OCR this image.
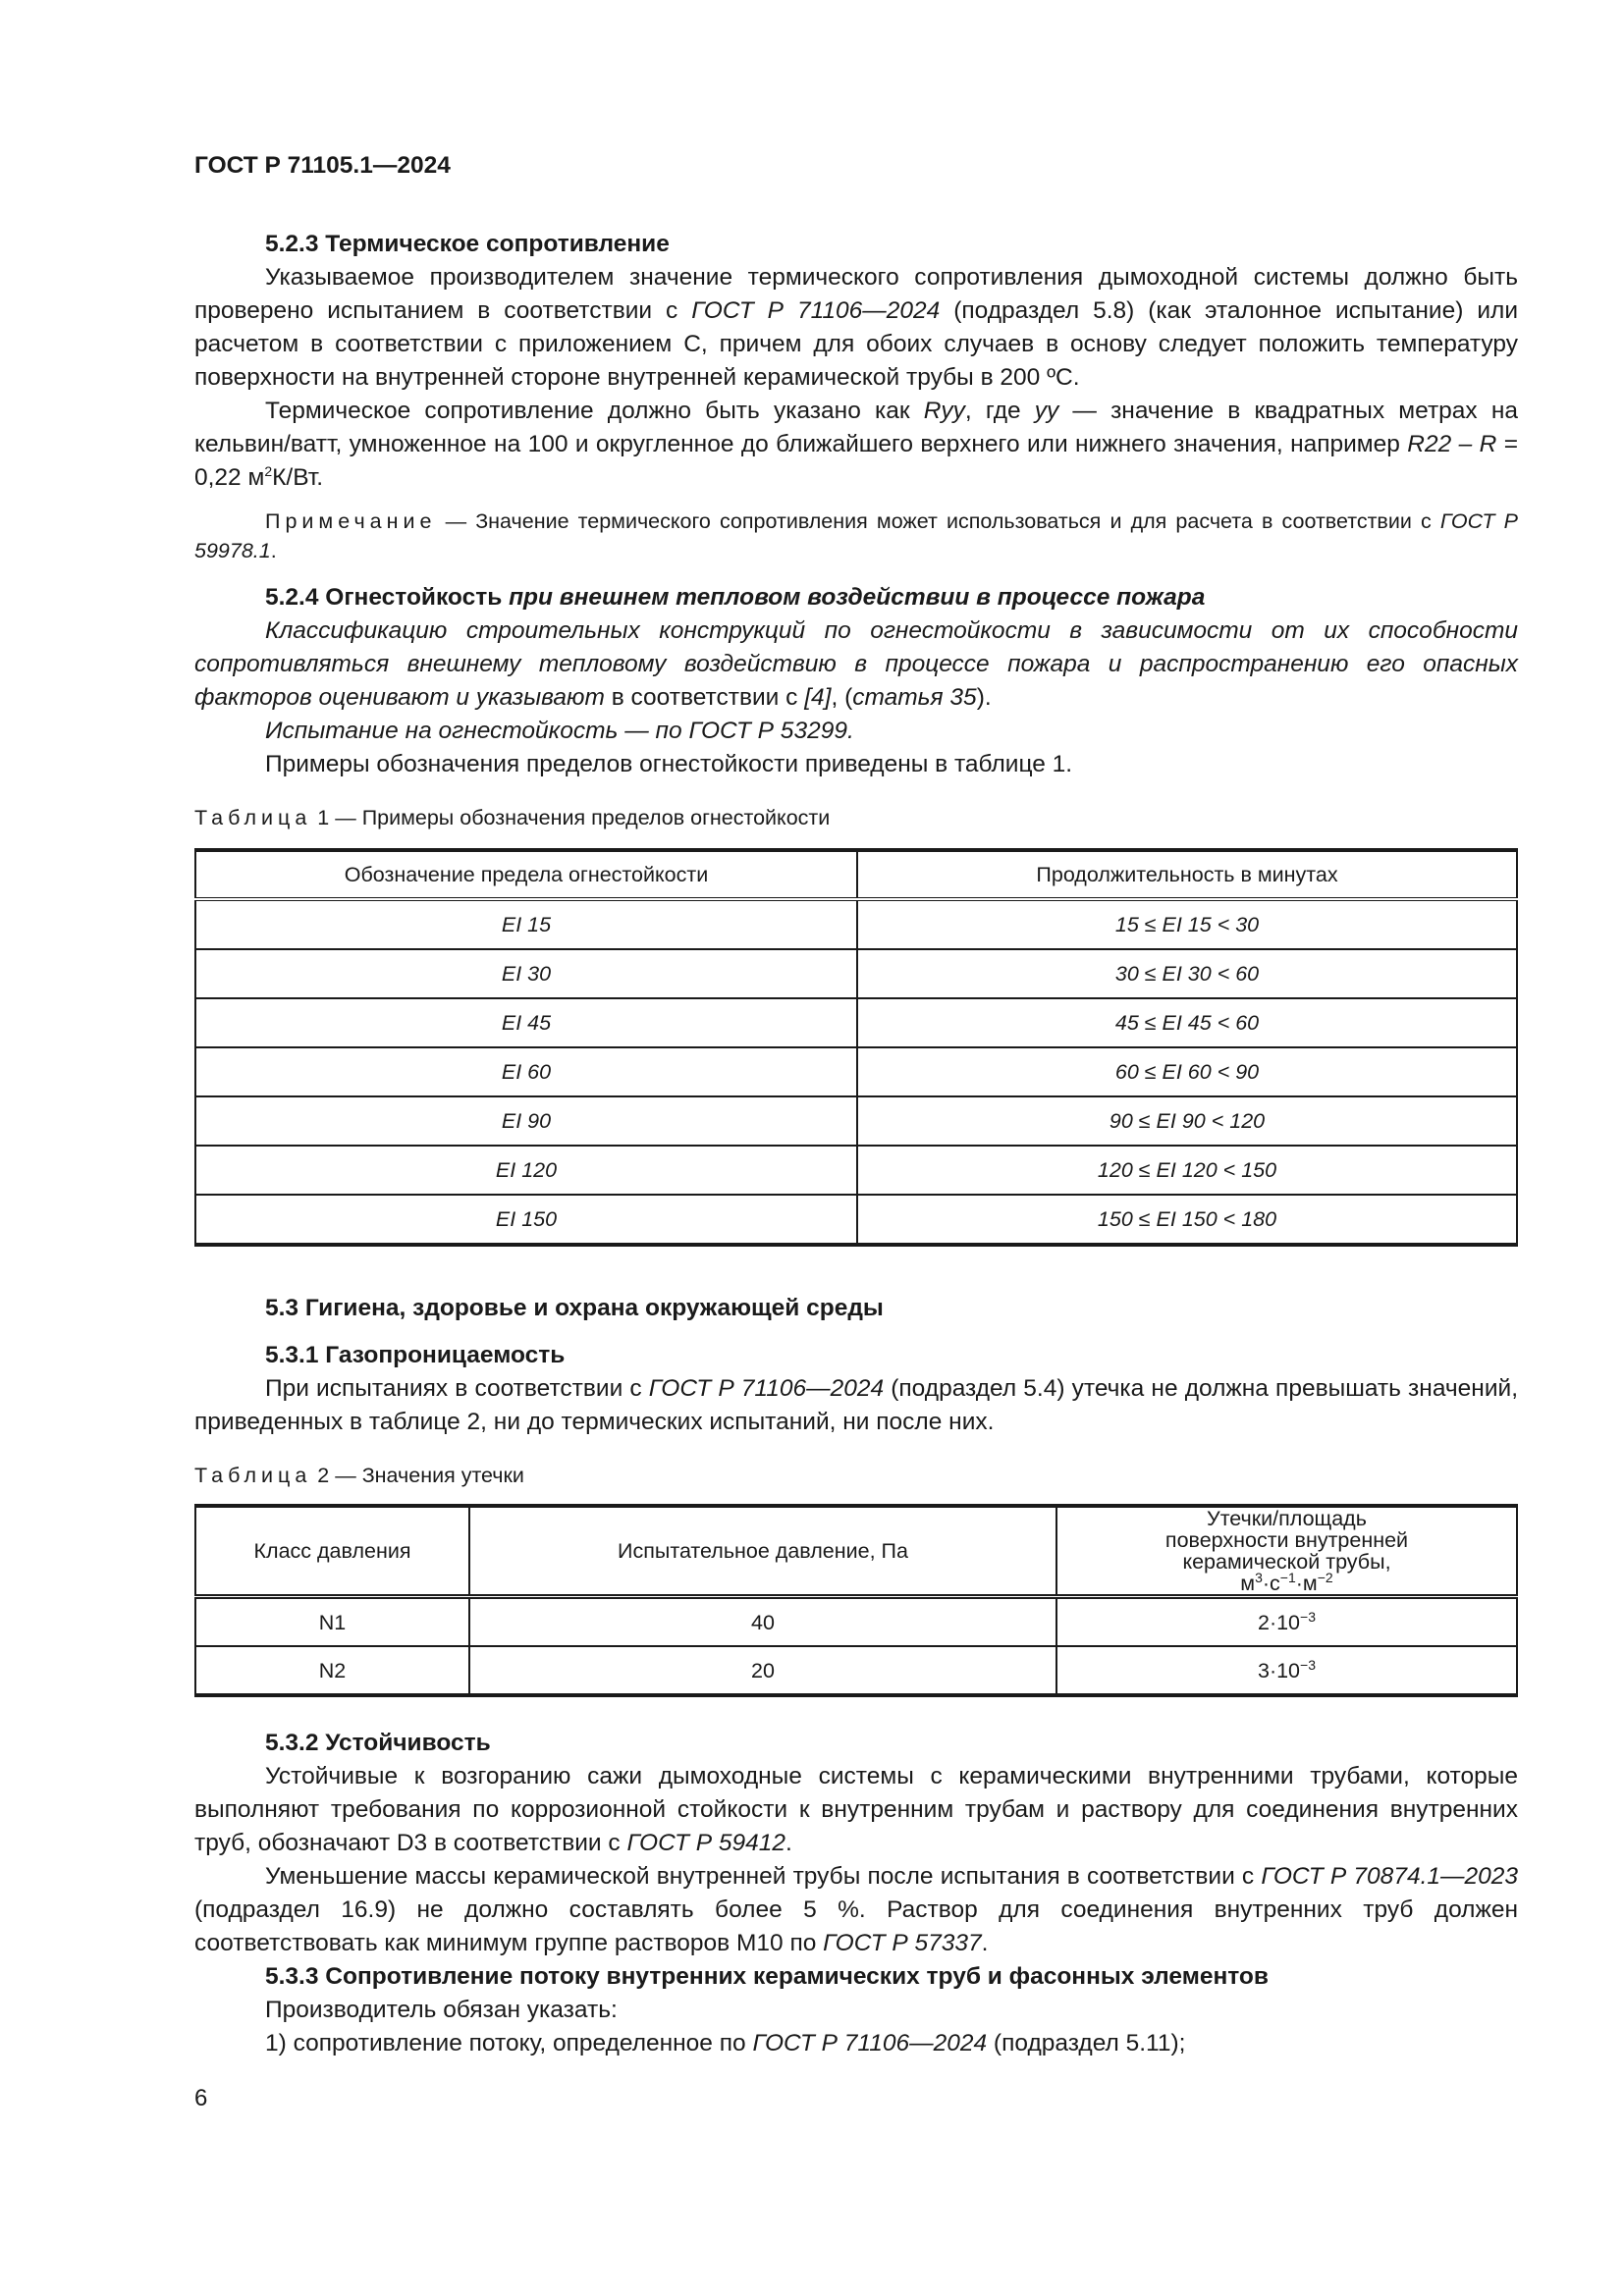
ГОСТ Р 71105.1—2024
5.2.3 Термическое сопротивление
Указываемое производителем значение термического сопротивления дымоходной системы должно быть проверено испытанием в соответствии с ГОСТ Р 71106—2024 (подраздел 5.8) (как эталонное испытание) или расчетом в соответствии с приложением С, причем для обоих случаев в основу следует положить температуру поверхности на внутренней стороне внутренней керамической трубы в 200 ºС.
Термическое сопротивление должно быть указано как Ryy, где yy — значение в квадратных метрах на кельвин/ватт, умноженное на 100 и округленное до ближайшего верхнего или нижнего значения, например R22 – R = 0,22 $м^2К/Вт$.
Примечание — Значение термического сопротивления может использоваться и для расчета в соответствии с ГОСТ Р 59978.1.
5.2.4 Огнестойкость при внешнем тепловом воздействии в процессе пожара
Классификацию строительных конструкций по огнестойкости в зависимости от их способности сопротивляться внешнему тепловому воздействию в процессе пожара и распространению его опасных факторов оценивают и указывают в соответствии с [4], (статья 35).
Испытание на огнестойкость — по ГОСТ Р 53299.
Примеры обозначения пределов огнестойкости приведены в таблице 1.
Таблица 1 — Примеры обозначения пределов огнестойкости
Обозначение предела огнестойкости	Продолжительность в минутах
EI 15	15 ≤ EI 15 < 30
EI 30	30 ≤ EI 30 < 60
EI 45	45 ≤ EI 45 < 60
EI 60	60 ≤ EI 60 < 90
EI 90	90 ≤ EI 90 < 120
EI 120	120 ≤ EI 120 < 150
EI 150	150 ≤ EI 150 < 180
5.3 Гигиена, здоровье и охрана окружающей среды
5.3.1 Газопроницаемость
При испытаниях в соответствии с ГОСТ Р 71106—2024 (подраздел 5.4) утечка не должна превышать значений, приведенных в таблице 2, ни до термических испытаний, ни после них.
Таблица 2 — Значения утечки
Класс давления	Испытательное давление, Па	Утечки/площадь поверхности внутренней керамической трубы, $м^3\cdot с^{-1}\cdot м^{-2}$
N1	40	$2\cdot 10^{-3}$
N2	20	$3\cdot 10^{-3}$
5.3.2 Устойчивость
Устойчивые к возгоранию сажи дымоходные системы с керамическими внутренними трубами, которые выполняют требования по коррозионной стойкости к внутренним трубам и раствору для соединения внутренних труб, обозначают D3 в соответствии с ГОСТ Р 59412.
Уменьшение массы керамической внутренней трубы после испытания в соответствии с ГОСТ Р 70874.1—2023 (подраздел 16.9) не должно составлять более 5 %. Раствор для соединения внутренних труб должен соответствовать как минимум группе растворов М10 по ГОСТ Р 57337.
5.3.3 Сопротивление потоку внутренних керамических труб и фасонных элементов
Производитель обязан указать:
1) сопротивление потоку, определенное по ГОСТ Р 71106—2024 (подраздел 5.11);
6
